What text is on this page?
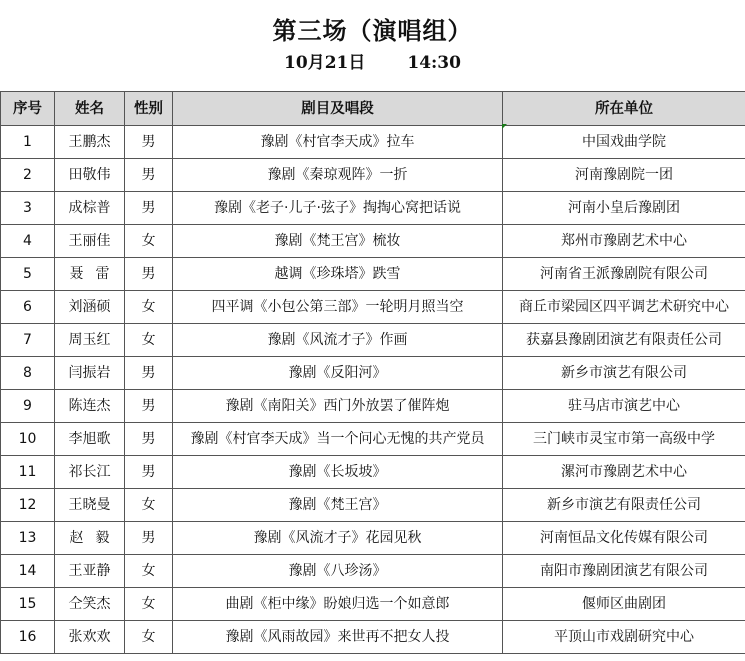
第三场（演唱组）
10月21日 14:30
序号	姓名	性别	剧目及唱段	所在单位
1	王鹏杰	男	豫剧《村官李天成》拉车	中国戏曲学院
2	田敬伟	男	豫剧《秦琼观阵》一折	河南豫剧院一团
3	成棕普	男	豫剧《老子·儿子·弦子》掏掏心窝把话说	河南小皇后豫剧团
4	王丽佳	女	豫剧《梵王宫》梳妆	郑州市豫剧艺术中心
5	聂雷	男	越调《珍珠塔》跌雪	河南省王派豫剧院有限公司
6	刘涵硕	女	四平调《小包公第三部》一轮明月照当空	商丘市梁园区四平调艺术研究中心
7	周玉红	女	豫剧《风流才子》作画	获嘉县豫剧团演艺有限责任公司
8	闫振岩	男	豫剧《反阳河》	新乡市演艺有限公司
9	陈连杰	男	豫剧《南阳关》西门外放罢了催阵炮	驻马店市演艺中心
10	李旭歌	男	豫剧《村官李天成》当一个问心无愧的共产党员	三门峡市灵宝市第一高级中学
11	祁长江	男	豫剧《长坂坡》	漯河市豫剧艺术中心
12	王晓曼	女	豫剧《梵王宫》	新乡市演艺有限责任公司
13	赵毅	男	豫剧《风流才子》花园见秋	河南恒品文化传媒有限公司
14	王亚静	女	豫剧《八珍汤》	南阳市豫剧团演艺有限公司
15	仝笑杰	女	曲剧《柜中缘》盼娘归选一个如意郎	偃师区曲剧团
16	张欢欢	女	豫剧《风雨故园》来世再不把女人投	平顶山市戏剧研究中心
